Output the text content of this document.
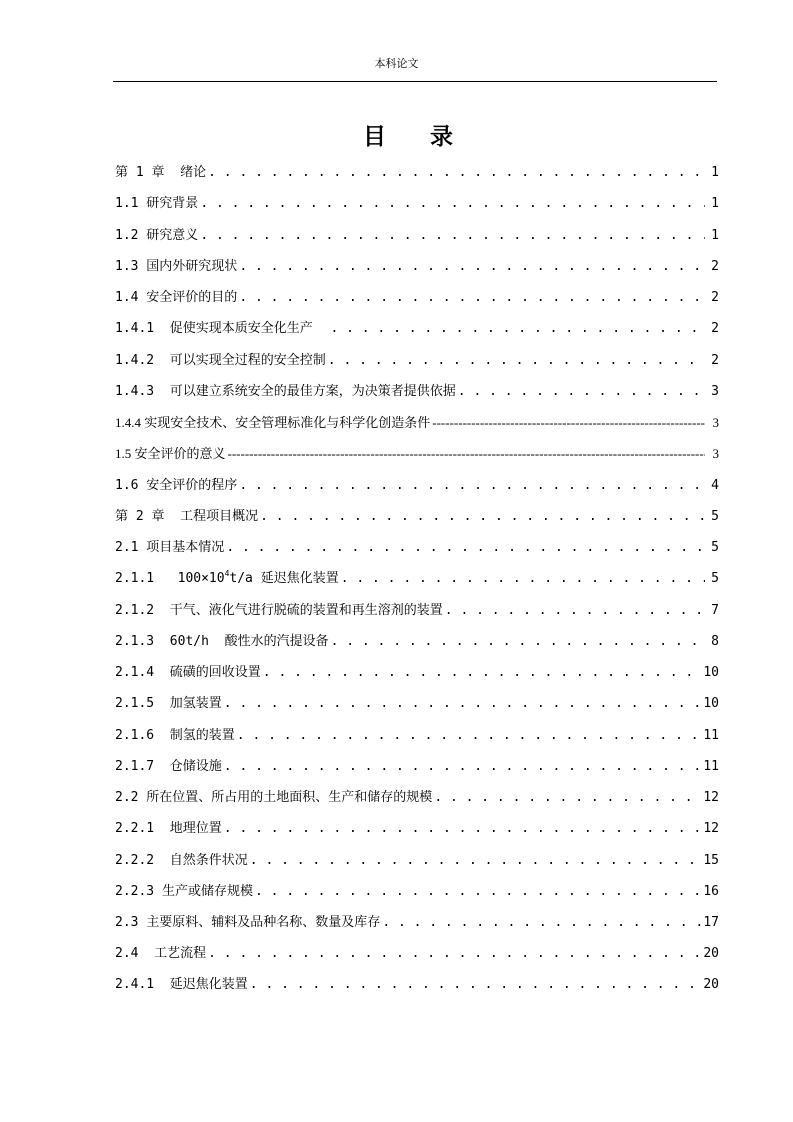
本科论文
目 录
第 1 章  绪论 . . .	1
1.1 研究背景 . . .	1
1.2 研究意义 . . .	1
1.3 国内外研究现状 . . .	2
1.4 安全评价的目的 . . .	2
1.4.1  促使实现本质安全化生产 . . .	2
1.4.2  可以实现全过程的安全控制 . . .	2
1.4.3  可以建立系统安全的最佳方案，为决策者提供依据 . . .	3
1.4.4 实现安全技术、安全管理标准化与科学化创造条件 -----	3
1.5 安全评价的意义 -----	3
1.6 安全评价的程序 . . .	4
第 2 章  工程项目概况 . . .	5
2.1 项目基本情况 . . .	5
2.1.1   $100\times 10^4t/a$ 延迟焦化装置 . . .	5
2.1.2  干气、液化气进行脱硫的装置和再生溶剂的装置 . . .	7
2.1.3  60t/h  酸性水的汽提设备 . . .	8
2.1.4  硫磺的回收设置 . . .	10
2.1.5  加氢装置 . . .	10
2.1.6  制氢的装置 . . .	11
2.1.7  仓储设施 . . .	11
2.2 所在位置、所占用的土地面积、生产和储存的规模 . . .	12
2.2.1  地理位置 . . .	12
2.2.2  自然条件状况 . . .	15
2.2.3 生产或储存规模 . . .	16
2.3 主要原料、辅料及品种名称、数量及库存 . . .	17
2.4  工艺流程 . . .	20
2.4.1  延迟焦化装置 . . .	20
